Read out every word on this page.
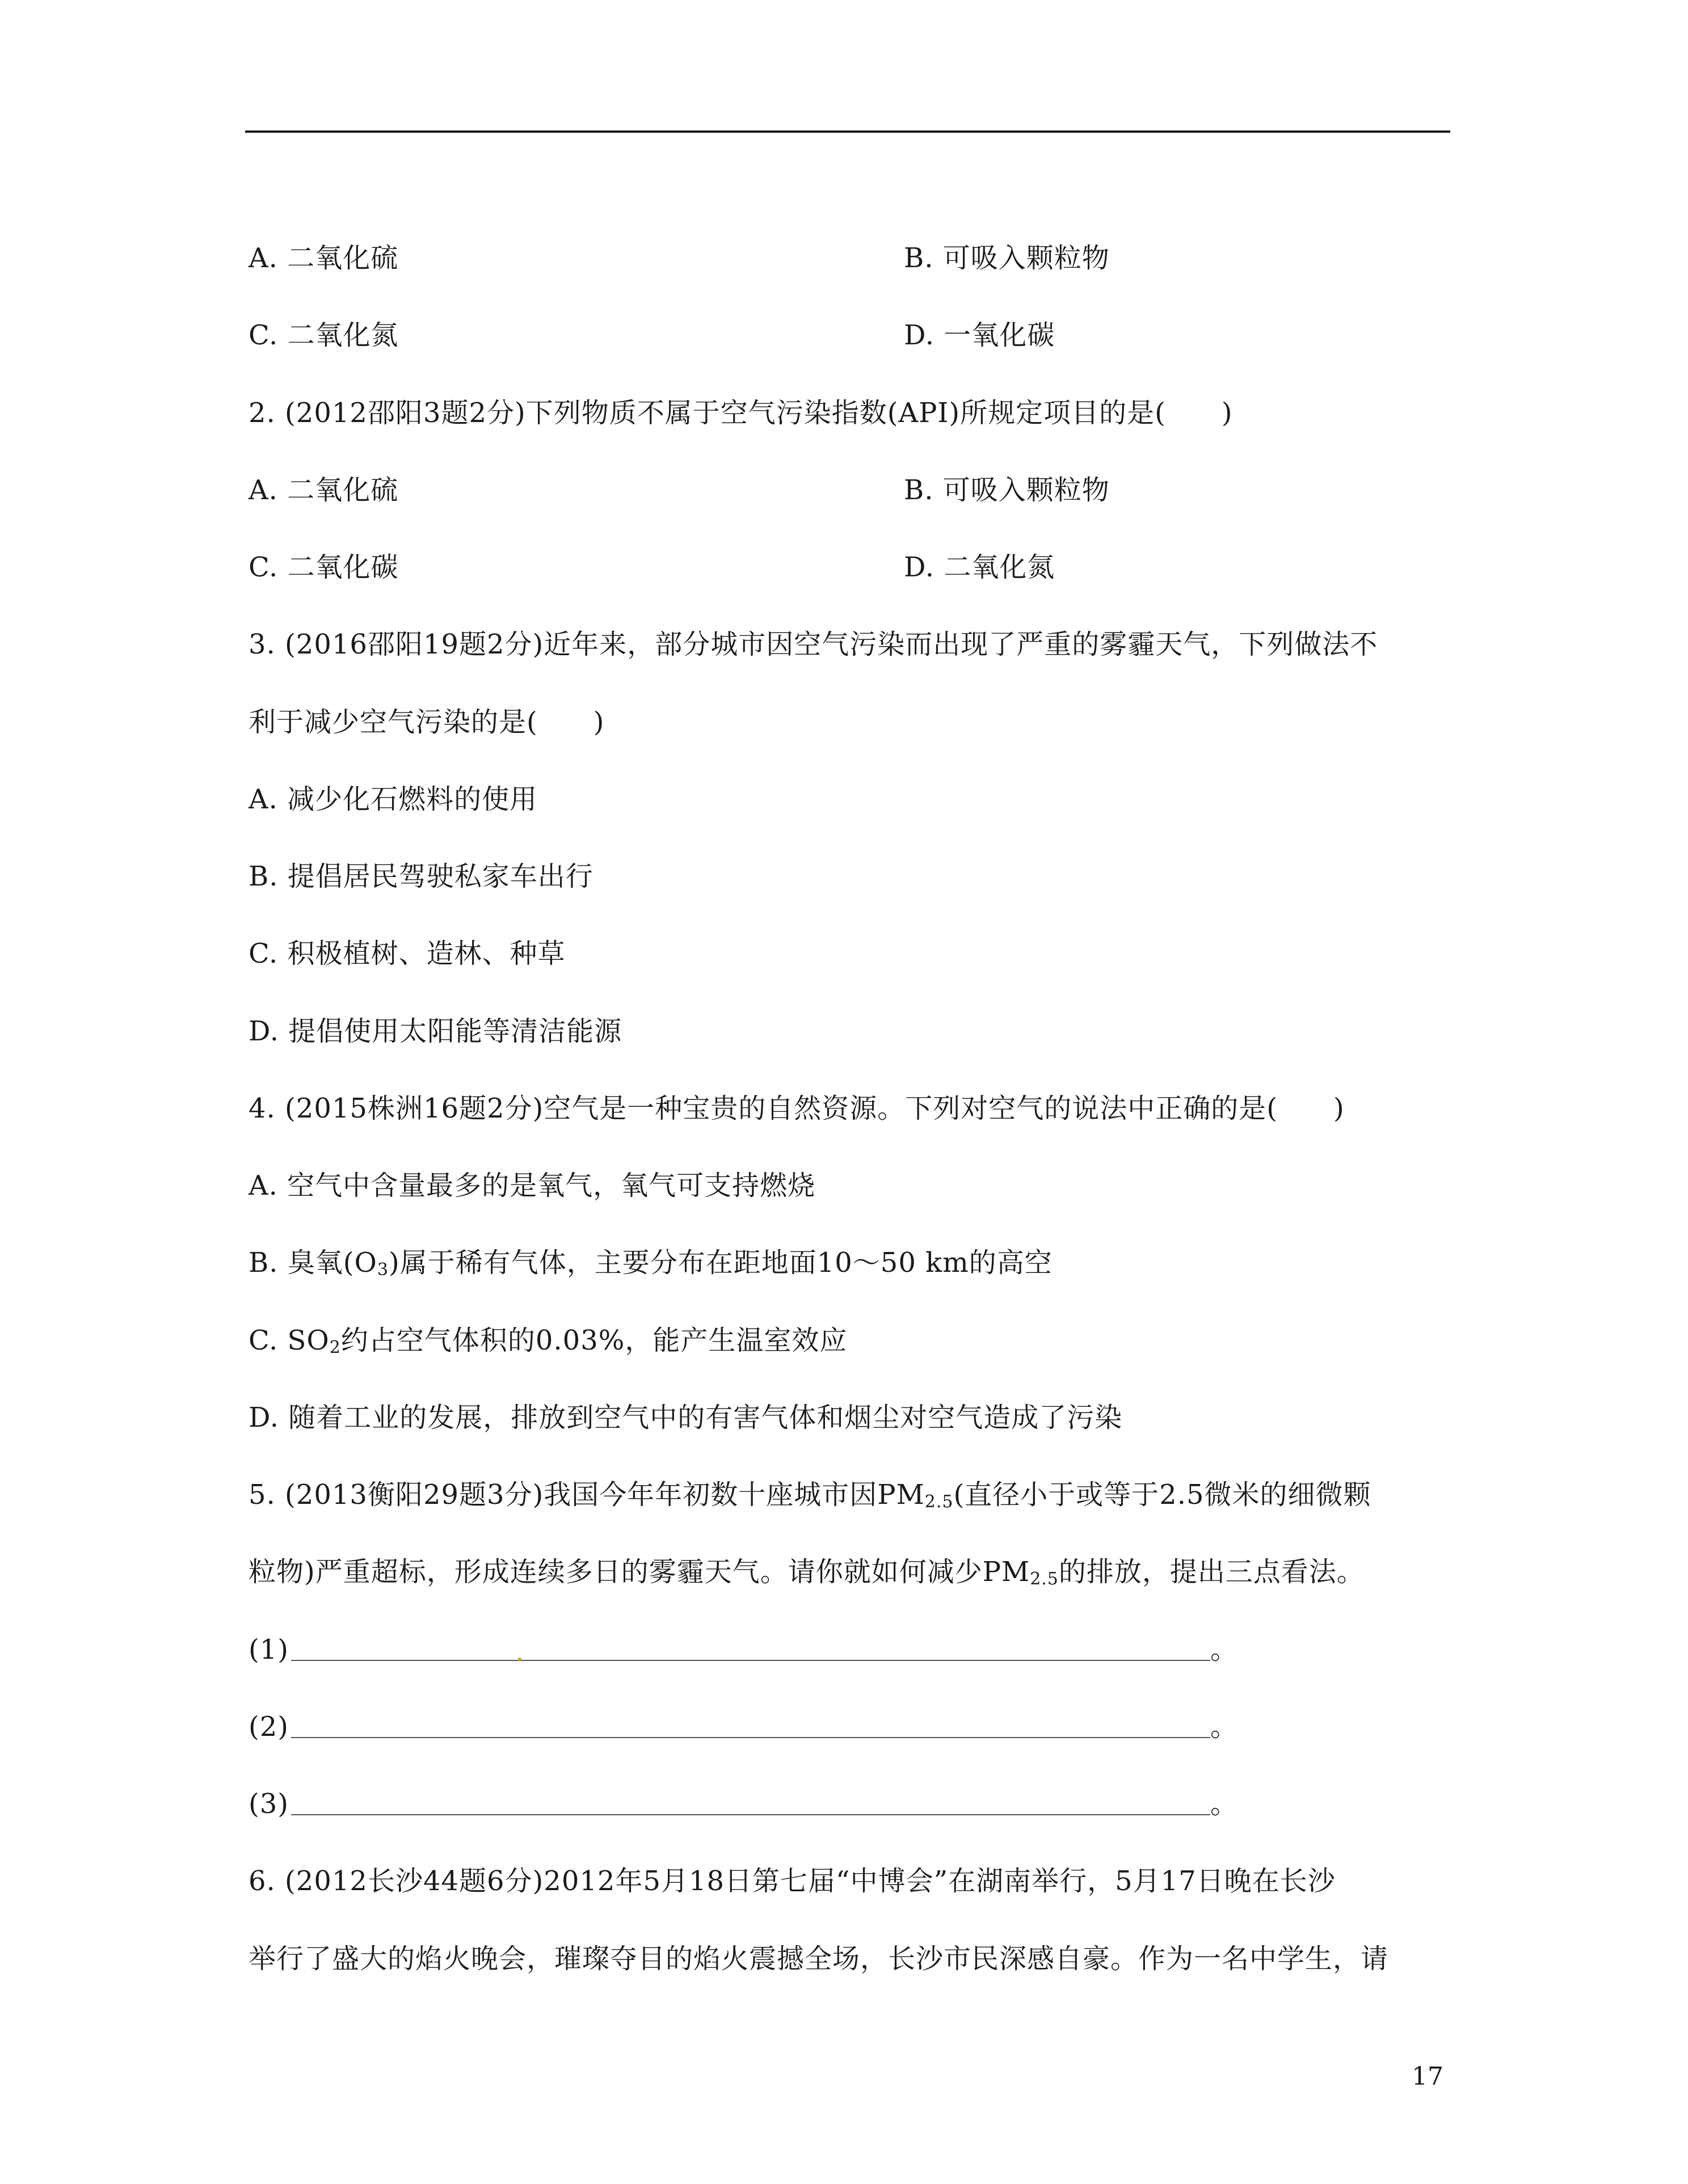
A. 二氧化硫	B. 可吸入颗粒物
C. 二氧化氮	D. 一氧化碳
2. (2012邵阳3题2分)下列物质不属于空气污染指数(API)所规定项目的是(　　)
A. 二氧化硫	B. 可吸入颗粒物
C. 二氧化碳	D. 二氧化氮
3. (2016邵阳19题2分)近年来，部分城市因空气污染而出现了严重的雾霾天气，下列做法不
利于减少空气污染的是(　　)
A. 减少化石燃料的使用
B. 提倡居民驾驶私家车出行
C. 积极植树、造林、种草
D. 提倡使用太阳能等清洁能源
4. (2015株洲16题2分)空气是一种宝贵的自然资源。下列对空气的说法中正确的是(　　)
A. 空气中含量最多的是氧气，氧气可支持燃烧
B. 臭氧$(O_3)$属于稀有气体，主要分布在距地面10～50 km的高空
C. $SO_2$约占空气体积的0.03%，能产生温室效应
D. 随着工业的发展，排放到空气中的有害气体和烟尘对空气造成了污染
5. (2013衡阳29题3分)我国今年年初数十座城市因$PM_{2.5}$(直径小于或等于2.5微米的细微颗
粒物)严重超标，形成连续多日的雾霾天气。请你就如何减少$PM_{2.5}$的排放，提出三点看法。
(1)	。
(2)	。
(3)	。
6. (2012长沙44题6分)2012年5月18日第七届“中博会”在湖南举行，5月17日晚在长沙
举行了盛大的焰火晚会，璀璨夺目的焰火震撼全场，长沙市民深感自豪。作为一名中学生，请
17
